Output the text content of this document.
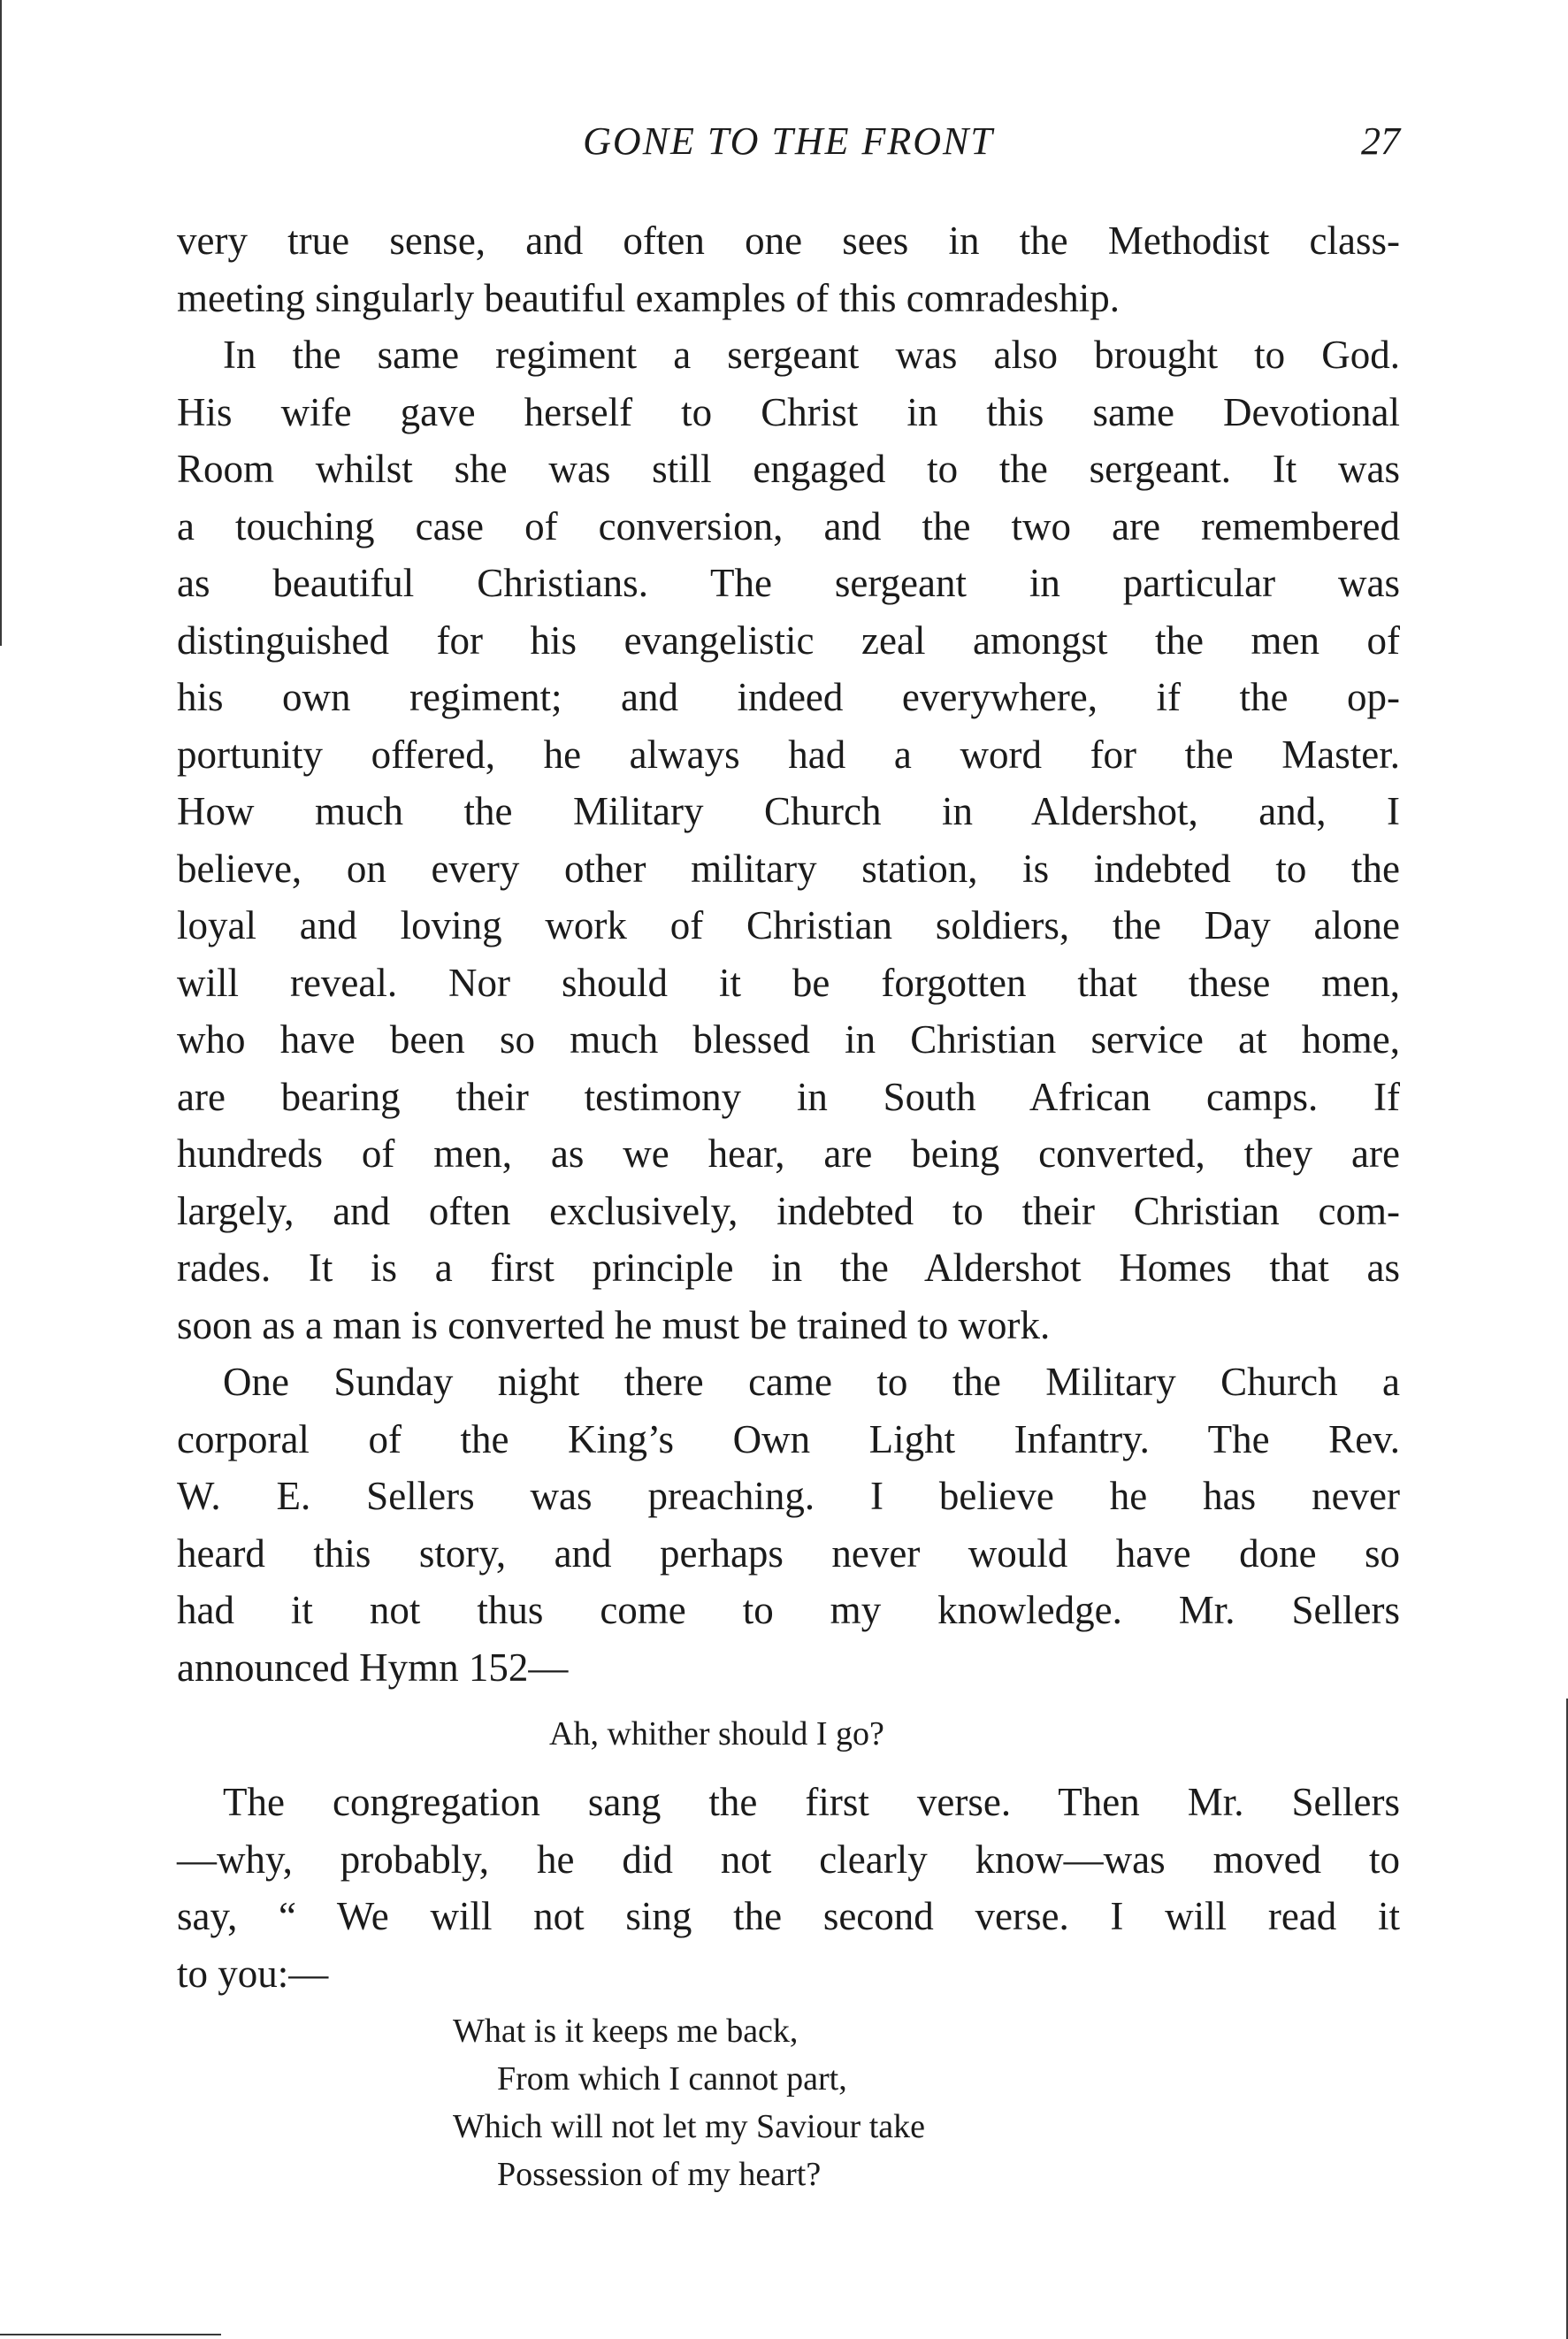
GONE TO THE FRONT	27
very true sense, and often one sees in the Methodist class-
meeting singularly beautiful examples of this comradeship.
In the same regiment a sergeant was also brought to God.
His wife gave herself to Christ in this same Devotional
Room whilst she was still engaged to the sergeant. It was
a touching case of conversion, and the two are remembered
as beautiful Christians. The sergeant in particular was
distinguished for his evangelistic zeal amongst the men of
his own regiment; and indeed everywhere, if the op-
portunity offered, he always had a word for the Master.
How much the Military Church in Aldershot, and, I
believe, on every other military station, is indebted to the
loyal and loving work of Christian soldiers, the Day alone
will reveal. Nor should it be forgotten that these men,
who have been so much blessed in Christian service at home,
are bearing their testimony in South African camps. If
hundreds of men, as we hear, are being converted, they are
largely, and often exclusively, indebted to their Christian com-
rades. It is a first principle in the Aldershot Homes that as
soon as a man is converted he must be trained to work.
One Sunday night there came to the Military Church a
corporal of the King’s Own Light Infantry. The Rev.
W. E. Sellers was preaching. I believe he has never
heard this story, and perhaps never would have done so
had it not thus come to my knowledge. Mr. Sellers
announced Hymn 152—
Ah, whither should I go?
The congregation sang the first verse. Then Mr. Sellers
—why, probably, he did not clearly know—was moved to
say, “ We will not sing the second verse. I will read it
to you:—
What is it keeps me back,
From which I cannot part,
Which will not let my Saviour take
Possession of my heart?
